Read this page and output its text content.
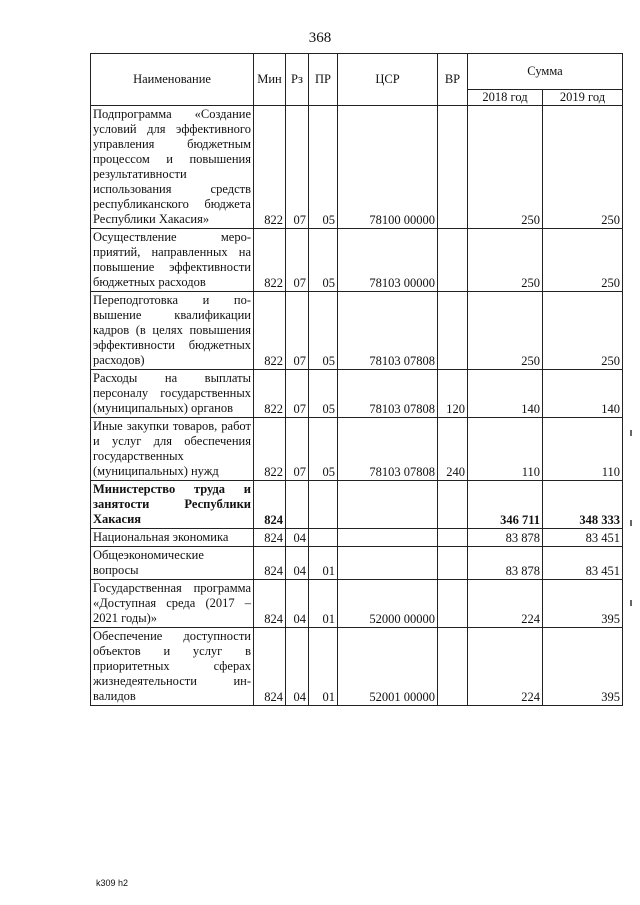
368
Наименование	Мин	Рз	ПР	ЦСР	ВР	Сумма	
						2018 год	2019 год
Подпрограмма «Создание условий для эффективного управления бюджетным процессом и повышения результативности использования средств республиканского бюджета Республики Хакасия»	822	07	05	78100 00000		250	250
Осуществление мероприятий, направленных на повышение эффективности бюджетных расходов	822	07	05	78103 00000		250	250
Переподготовка и повышение квалификации кадров (в целях повышения эффективности бюджетных расходов)	822	07	05	78103 07808		250	250
Расходы на выплаты персоналу государственных (муниципальных) органов	822	07	05	78103 07808	120	140	140
Иные закупки товаров, работ и услуг для обеспечения государственных (муниципальных) нужд	822	07	05	78103 07808	240	110	110
Министерство труда и занятости Республики Хакасия	824					346 711	348 333
Национальная экономика	824	04				83 878	83 451
Общеэкономические вопросы	824	04	01			83 878	83 451
Государственная программа «Доступная среда (2017 – 2021 годы)»	824	04	01	52000 00000		224	395
Обеспечение доступности объектов и услуг в приоритетных сферах жизнедеятельности инвалидов	824	04	01	52001 00000		224	395
k309 h2
